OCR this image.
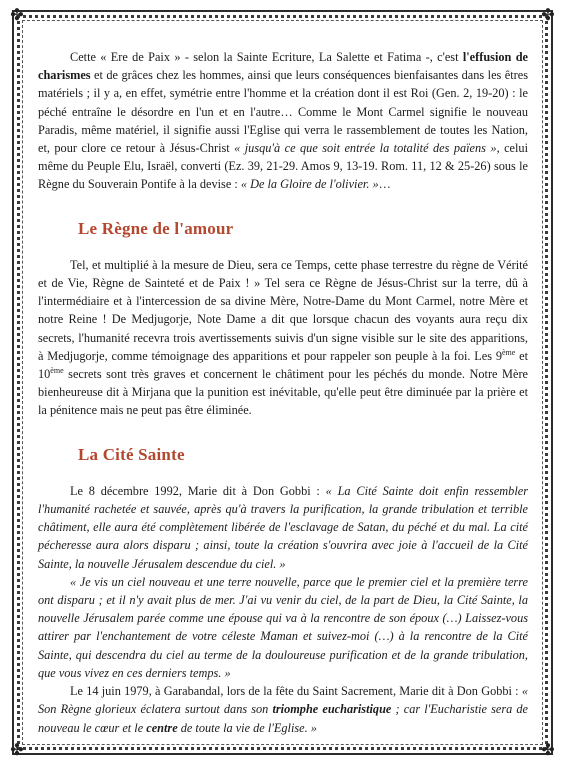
✤	✤
✤	✤

Cette « Ere de Paix » - selon la Sainte Ecriture, La Salette et Fatima -, c'est l'effusion de charismes et de grâces chez les hommes, ainsi que leurs conséquences bienfaisantes dans les êtres matériels ; il y a, en effet, symétrie entre l'homme et la création dont il est Roi (Gen. 2, 19-20) : le péché entraîne le désordre en l'un et en l'autre… Comme le Mont Carmel signifie le nouveau Paradis, même matériel, il signifie aussi l'Eglise qui verra le rassemblement de toutes les Nation, et, pour clore ce retour à Jésus-Christ « jusqu'à ce que soit entrée la totalité des païens », celui même du Peuple Elu, Israël, converti (Ez. 39, 21-29. Amos 9, 13-19. Rom. 11, 12 & 25-26) sous le Règne du Souverain Pontife à la devise : « De la Gloire de l'olivier. »…

Le Règne de l'amour

Tel, et multiplié à la mesure de Dieu, sera ce Temps, cette phase terrestre du règne de Vérité et de Vie, Règne de Sainteté et de Paix ! » Tel sera ce Règne de Jésus-Christ sur la terre, dû à l'intermédiaire et à l'intercession de sa divine Mère, Notre-Dame du Mont Carmel, notre Mère et notre Reine ! De Medjugorje, Note Dame a dit que lorsque chacun des voyants aura reçu dix secrets, l'humanité recevra trois avertissements suivis d'un signe visible sur le site des apparitions, à Medjugorje, comme témoignage des apparitions et pour rappeler son peuple à la foi. Les 9ème et 10ème secrets sont très graves et concernent le châtiment pour les péchés du monde. Notre Mère bienheureuse dit à Mirjana que la punition est inévitable, qu'elle peut être diminuée par la prière et la pénitence mais ne peut pas être éliminée.

La Cité Sainte

Le 8 décembre 1992, Marie dit à Don Gobbi : « La Cité Sainte doit enfin ressembler l'humanité rachetée et sauvée, après qu'à travers la purification, la grande tribulation et terrible châtiment, elle aura été complètement libérée de l'esclavage de Satan, du péché et du mal. La cité pécheresse aura alors disparu ; ainsi, toute la création s'ouvrira avec joie à l'accueil de la Cité Sainte, la nouvelle Jérusalem descendue du ciel. »

« Je vis un ciel nouveau et une terre nouvelle, parce que le premier ciel et la première terre ont disparu ; et il n'y avait plus de mer. J'ai vu venir du ciel, de la part de Dieu, la Cité Sainte, la nouvelle Jérusalem parée comme une épouse qui va à la rencontre de son époux (…) Laissez-vous attirer par l'enchantement de votre céleste Maman et suivez-moi (…) à la rencontre de la Cité Sainte, qui descendra du ciel au terme de la douloureuse purification et de la grande tribulation, que vous vivez en ces derniers temps. »

Le 14 juin 1979, à Garabandal, lors de la fête du Saint Sacrement, Marie dit à Don Gobbi : « Son Règne glorieux éclatera surtout dans son triomphe eucharistique ; car l'Eucharistie sera de nouveau le cœur et le centre de toute la vie de l'Eglise. »
